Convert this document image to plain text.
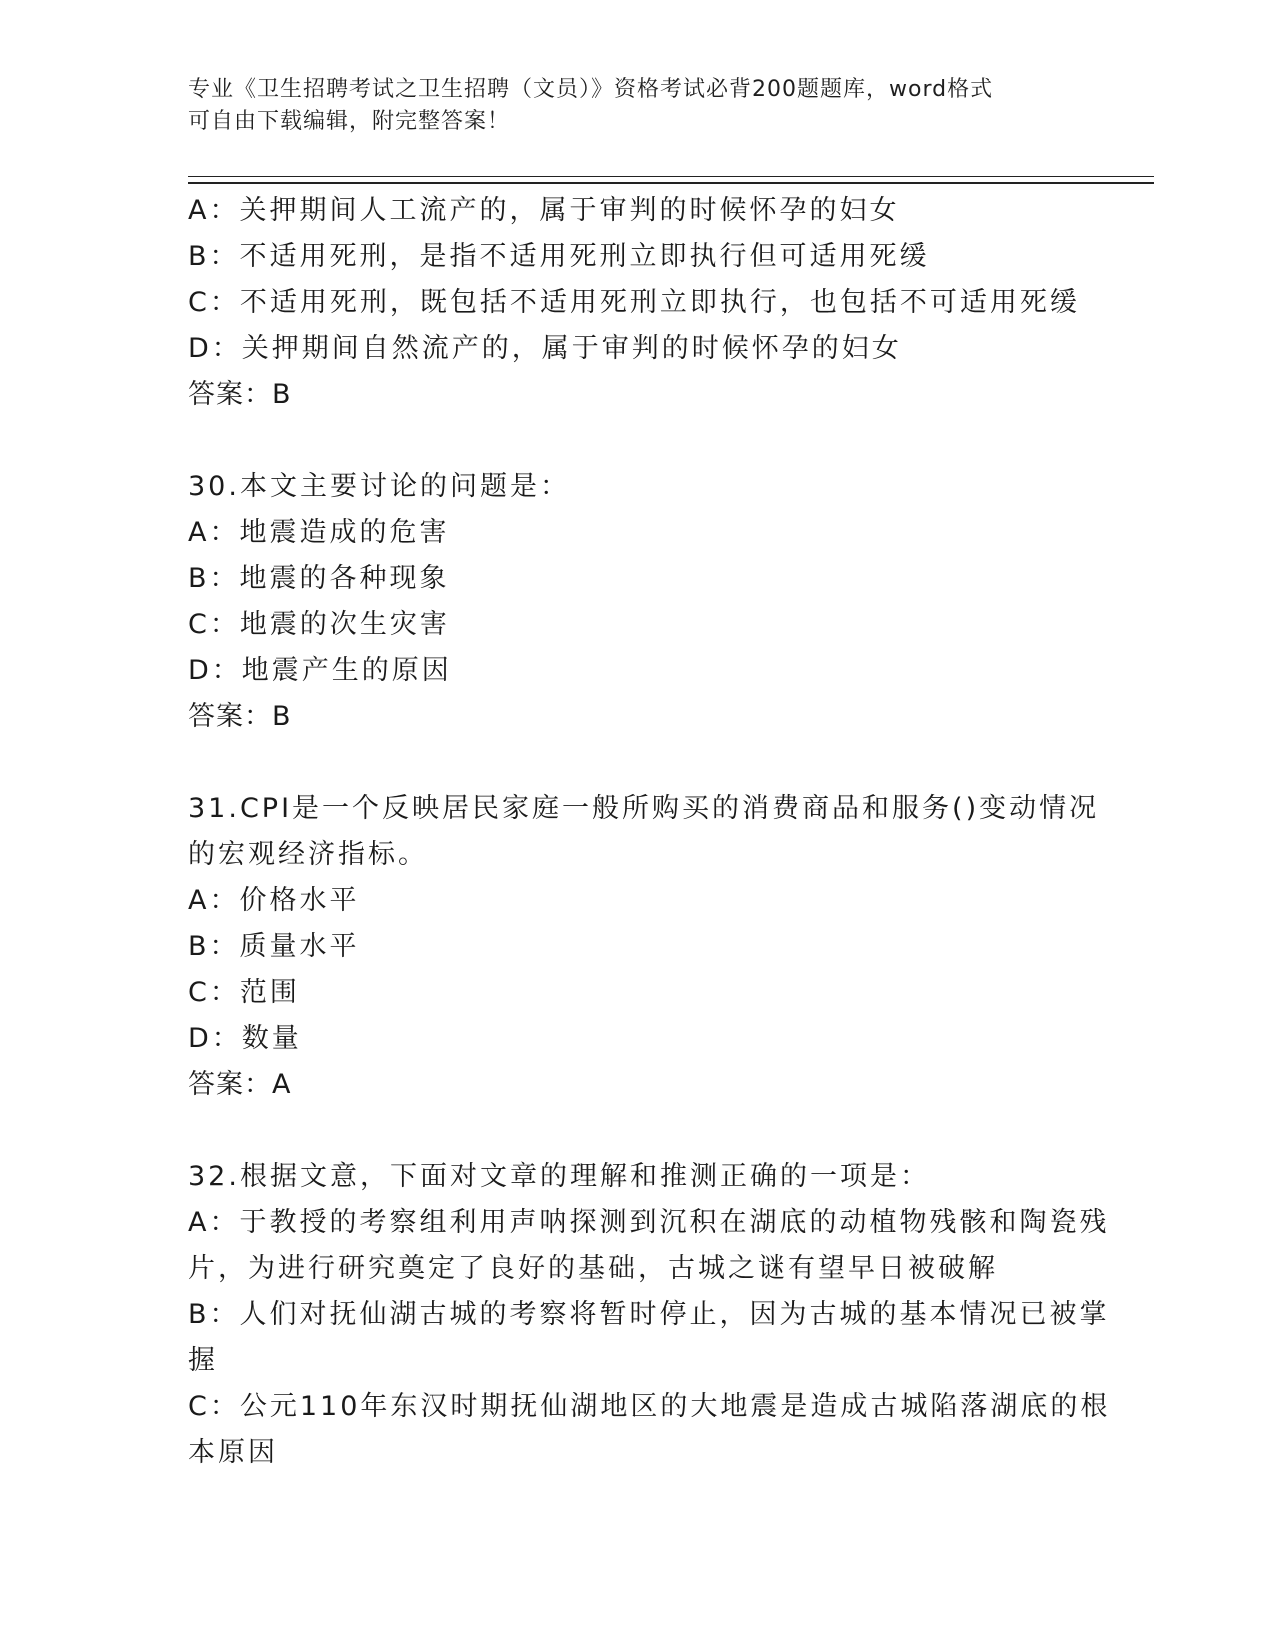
专业《卫生招聘考试之卫生招聘（文员）》资格考试必背200题题库，word格式
可自由下载编辑，附完整答案！
A：关押期间人工流产的，属于审判的时候怀孕的妇女
B：不适用死刑，是指不适用死刑立即执行但可适用死缓
C：不适用死刑，既包括不适用死刑立即执行，也包括不可适用死缓
D：关押期间自然流产的，属于审判的时候怀孕的妇女
答案：B
30.本文主要讨论的问题是：
A：地震造成的危害
B：地震的各种现象
C：地震的次生灾害
D：地震产生的原因
答案：B
31.CPI是一个反映居民家庭一般所购买的消费商品和服务()变动情况
的宏观经济指标。
A：价格水平
B：质量水平
C：范围
D：数量
答案：A
32.根据文意，下面对文章的理解和推测正确的一项是：
A：于教授的考察组利用声呐探测到沉积在湖底的动植物残骸和陶瓷残
片，为进行研究奠定了良好的基础，古城之谜有望早日被破解
B：人们对抚仙湖古城的考察将暂时停止，因为古城的基本情况已被掌
握
C：公元110年东汉时期抚仙湖地区的大地震是造成古城陷落湖底的根
本原因
